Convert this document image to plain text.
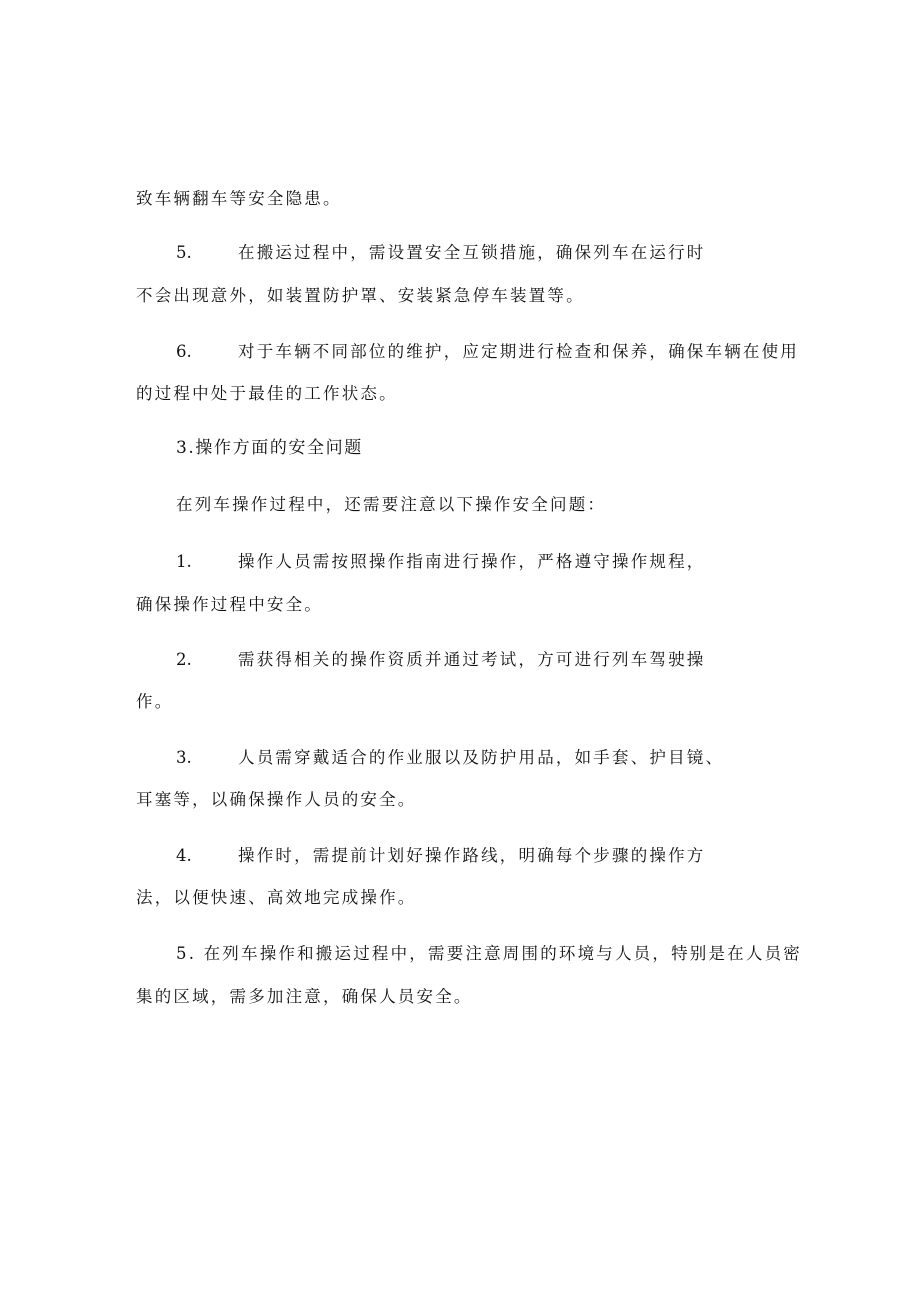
致车辆翻车等安全隐患。
5.	在搬运过程中，需设置安全互锁措施，确保列车在运行时
不会出现意外，如装置防护罩、安装紧急停车装置等。
6.	对于车辆不同部位的维护，应定期进行检查和保养，确保车辆在使用
的过程中处于最佳的工作状态。
3.操作方面的安全问题
在列车操作过程中，还需要注意以下操作安全问题：
1.	操作人员需按照操作指南进行操作，严格遵守操作规程，
确保操作过程中安全。
2.	需获得相关的操作资质并通过考试，方可进行列车驾驶操
作。
3.	人员需穿戴适合的作业服以及防护用品，如手套、护目镜、
耳塞等，以确保操作人员的安全。
4.	操作时，需提前计划好操作路线，明确每个步骤的操作方
法，以便快速、高效地完成操作。
5. 在列车操作和搬运过程中，需要注意周围的环境与人员，特别是在人员密
集的区域，需多加注意，确保人员安全。
